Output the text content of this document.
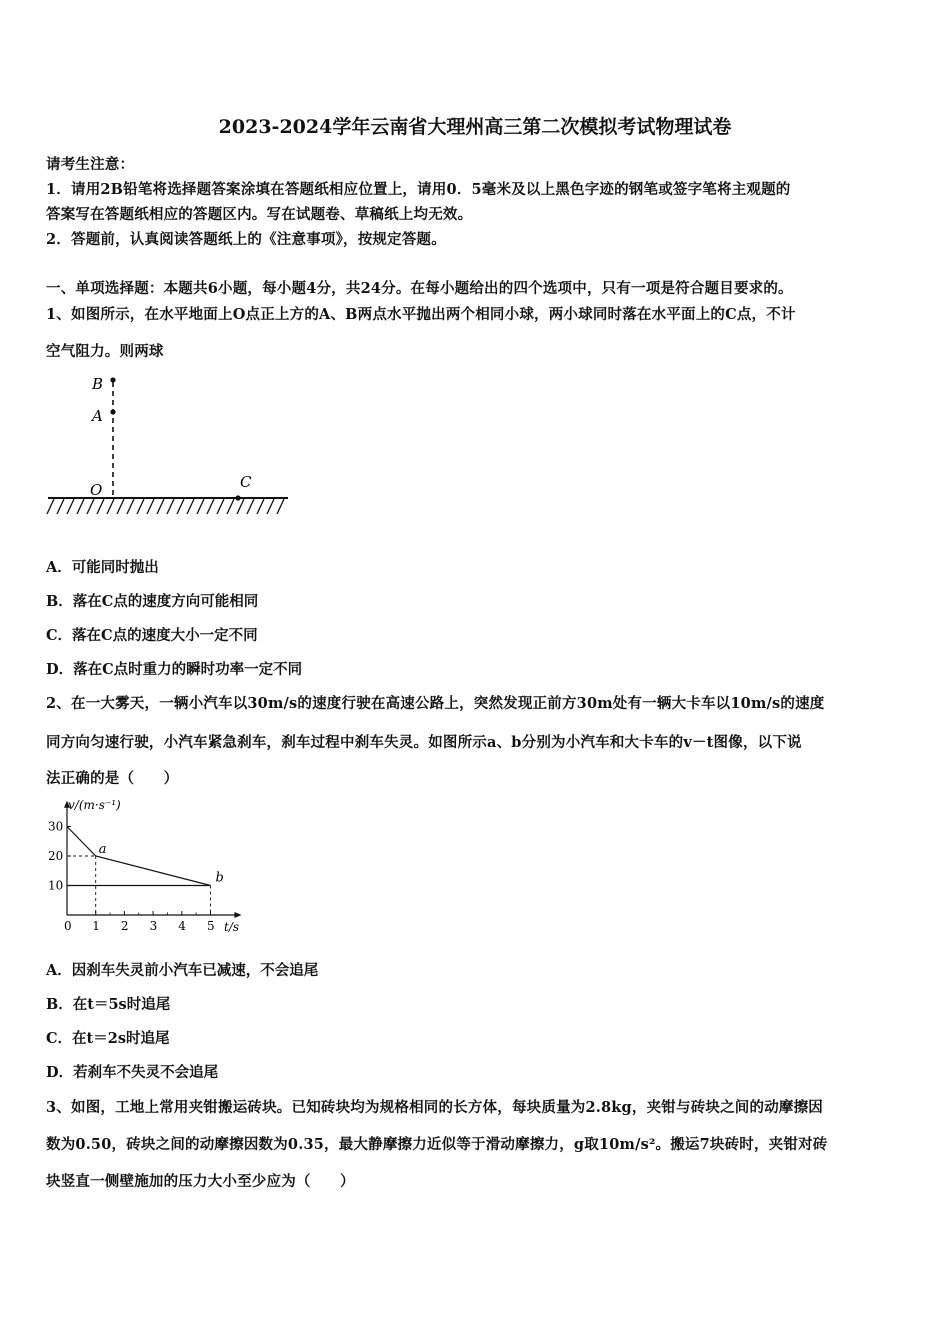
2023-2024学年云南省大理州高三第二次模拟考试物理试卷
请考生注意：
1．请用2B铅笔将选择题答案涂填在答题纸相应位置上，请用0．5毫米及以上黑色字迹的钢笔或签字笔将主观题的
答案写在答题纸相应的答题区内。写在试题卷、草稿纸上均无效。
2．答题前，认真阅读答题纸上的《注意事项》，按规定答题。
一、单项选择题：本题共6小题，每小题4分，共24分。在每小题给出的四个选项中，只有一项是符合题目要求的。
1、如图所示，在水平地面上O点正上方的A、B两点水平抛出两个相同小球，两小球同时落在水平面上的C点，不计
空气阻力。则两球
B
A
O	C
A．可能同时抛出
B．落在C点的速度方向可能相同
C．落在C点的速度大小一定不同
D．落在C点时重力的瞬时功率一定不同
2、在一大雾天，一辆小汽车以30m/s的速度行驶在高速公路上，突然发现正前方30m处有一辆大卡车以10m/s的速度
同方向匀速行驶，小汽车紧急刹车，刹车过程中刹车失灵。如图所示a、b分别为小汽车和大卡车的v－t图像，以下说
法正确的是（　　）
v/(m·s⁻¹)
t/s
0 1 2 3 4 5
10
20
30
a
b
A．因刹车失灵前小汽车已减速，不会追尾
B．在t＝5s时追尾
C．在t＝2s时追尾
D．若刹车不失灵不会追尾
3、如图，工地上常用夹钳搬运砖块。已知砖块均为规格相同的长方体，每块质量为2.8kg，夹钳与砖块之间的动摩擦因
数为0.50，砖块之间的动摩擦因数为0.35，最大静摩擦力近似等于滑动摩擦力，g取10m/s²。搬运7块砖时，夹钳对砖
块竖直一侧壁施加的压力大小至少应为（　　）
